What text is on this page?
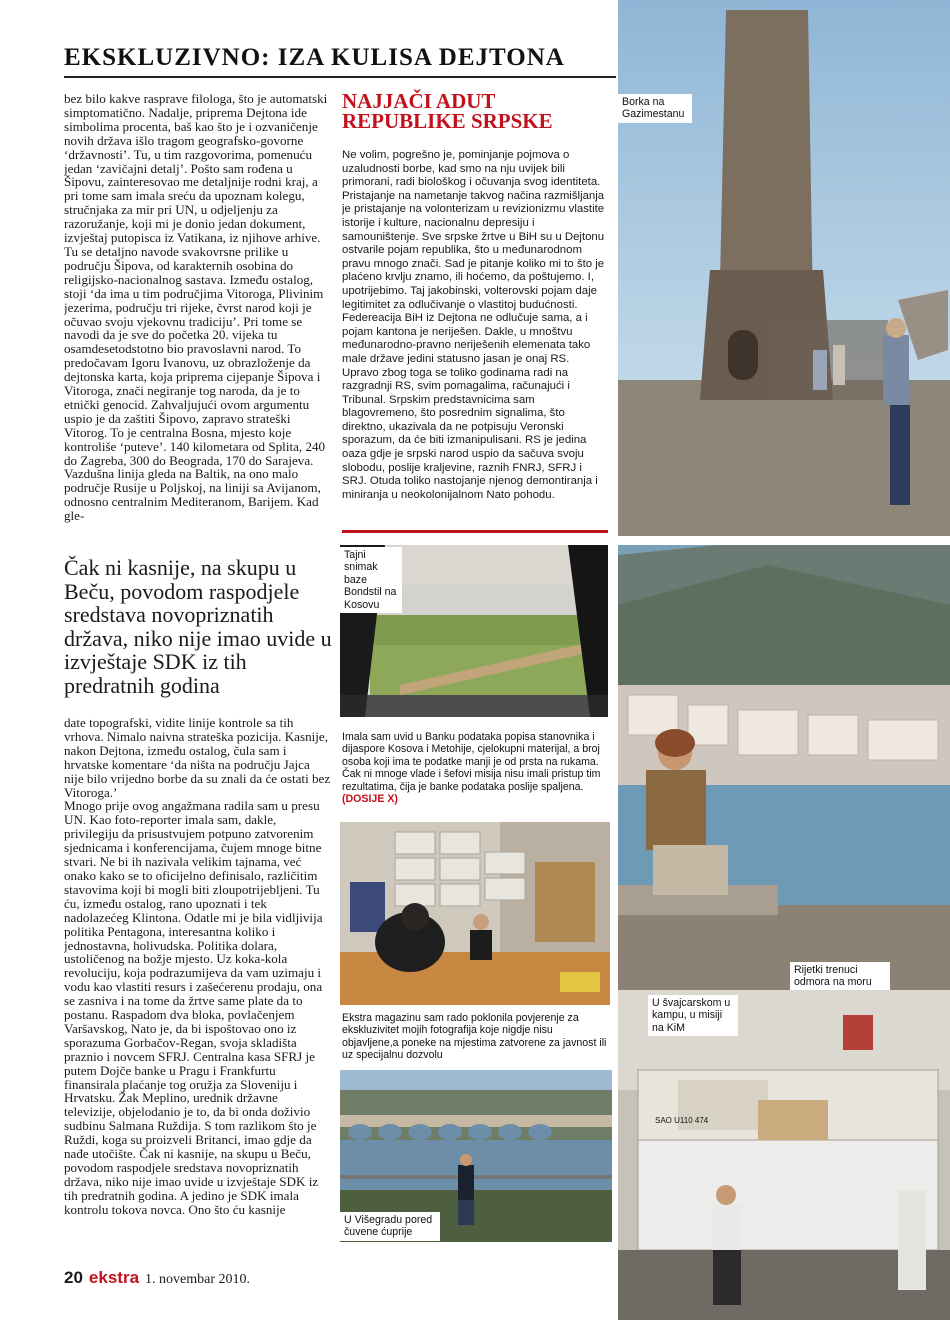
EKSKLUZIVNO: IZA KULISA DEJTONA

bez bilo kakve rasprave filologa, što je automatski simptomatično. Nadalje, priprema Dejtona ide simbolima procenta, baš kao što je i ozvaničenje novih država išlo tragom geografsko-govorne ‘državnosti’. Tu, u tim razgovorima, pomenuću jedan ‘zavičajni detalj’. Pošto sam rođena u Šipovu, zainteresovao me detaljnije rodni kraj, a pri tome sam imala sreću da upoznam kolegu, stručnjaka za mir pri UN, u odjeljenju za razoružanje, koji mi je donio jedan dokument, izvještaj putopisca iz Vatikana, iz njihove arhive. Tu se detaljno navode svakovrsne prilike u području Šipova, od karakternih osobina do religijsko-nacionalnog sastava. Između ostalog, stoji ‘da ima u tim područjima Vitoroga, Plivinim jezerima, području tri rijeke, čvrst narod koji je očuvao svoju vjekovnu tradiciju’. Pri tome se navodi da je sve do početka 20. vijeka tu osamdesetodstotno bio pravoslavni narod. To predočavam Igoru Ivanovu, uz obrazloženje da dejtonska karta, koja priprema cijepanje Šipova i Vitoroga, znači negiranje tog naroda, da je to etnički genocid. Zahvaljujući ovom argumentu uspio je da zaštiti Šipovo, zapravo strateški Vitorog. To je centralna Bosna, mjesto koje kontroliše ‘puteve’. 140 kilometara od Splita, 240 do Zagreba, 300 do Beograda, 170 do Sarajeva. Vazdušna linija gleda na Baltik, na ono malo područje Rusije u Poljskoj, na liniji sa Avijanom, odnosno centralnim Mediteranom, Barijem. Kad gle-

Čak ni kasnije, na skupu u Beču, povodom raspodjele sredstava novopriznatih država, niko nije imao uvide u izvještaje SDK iz tih predratnih godina

date topografski, vidite linije kontrole sa tih vrhova. Nimalo naivna strateška pozicija. Kasnije, nakon Dejtona, između ostalog, čula sam i hrvatske komentare ‘da ništa na području Jajca nije bilo vrijedno borbe da su znali da će ostati bez Vitoroga.’

Mnogo prije ovog angažmana radila sam u presu UN. Kao foto-reporter imala sam, dakle, privilegiju da prisustvujem potpuno zatvorenim sjednicama i konferencijama, čujem mnoge bitne stvari. Ne bi ih nazivala velikim tajnama, već onako kako se to oficijelno definisalo, različitim stavovima koji bi mogli biti zloupotrijebljeni. Tu ću, između ostalog, rano upoznati i tek nadolazećeg Klintona. Odatle mi je bila vidljivija politika Pentagona, interesantna koliko i jednostavna, holivudska. Politika dolara, ustoličenog na božje mjesto. Uz koka-kola revoluciju, koja podrazumijeva da vam uzimaju i vodu kao vlastiti resurs i zašećerenu prodaju, ona se zasniva i na tome da žrtve same plate da to postanu. Raspadom dva bloka, povlačenjem Varšavskog, Nato je, da bi ispoštovao ono iz sporazuma Gorbačov-Regan, svoja skladišta praznio i novcem SFRJ. Centralna kasa SFRJ je putem Dojče banke u Pragu i Frankfurtu finansirala plaćanje tog oružja za Sloveniju i Hrvatsku. Žak Meplino, urednik državne televizije, objelodanio je to, da bi onda doživio sudbinu Salmana Ruždija. S tom razlikom što je Ruždi, koga su proizveli Britanci, imao gdje da nađe utočište. Čak ni kasnije, na skupu u Beču, povodom raspodjele sredstava novopriznatih država, niko nije imao uvide u izvještaje SDK iz tih predratnih godina. A jedino je SDK imala kontrolu tokova novca. Ono što ću kasnije

NAJJAČI ADUT REPUBLIKE SRPSKE
Ne volim, pogrešno je, pominjanje pojmova o uzaludnosti borbe, kad smo na nju uvijek bili primorani, radi biološkog i očuvanja svog identiteta. Pristajanje na nametanje takvog načina razmišljanja je pristajanje na volonterizam u revizionizmu vlastite istorije i kulture, nacionalnu depresiju i samouništenje. Sve srpske žrtve u BiH su u Dejtonu ostvarile pojam republika, što u međunarodnom pravu mnogo znači. Sad je pitanje koliko mi to što je plaćeno krvlju znamo, ili hoćemo, da poštujemo. I, upotrijebimo. Taj jakobinski, volterovski pojam daje legitimitet za odlučivanje o vlastitoj budućnosti. Federeacija BiH iz Dejtona ne odlučuje sama, a i pojam kantona je neriješen. Dakle, u mnoštvu međunarodno-pravno neriješenih elemenata tako male države jedini statusno jasan je onaj RS. Upravo zbog toga se toliko godinama radi na razgradnji RS, svim pomagalima, računajući i Tribunal. Srpskim predstavnicima sam blagovremeno, što posrednim signalima, što direktno, ukazivala da ne potpisuju Veronski sporazum, da će biti izmanipulisani. RS je jedina oaza gdje je srpski narod uspio da sačuva svoju slobodu, poslije kraljevine, raznih FNRJ, SFRJ i SRJ. Otuda toliko nastojanje njenog demontiranja i miniranja u neokolonijalnom Nato pohodu.
Borka na Gazimestanu
Tajni snimak baze Bondstil na Kosovu
Imala sam uvid u Banku podataka popisa stanovnika i dijaspore Kosova i Metohije, cjelokupni materijal, a broj osoba koji ima te podatke manji je od prsta na rukama. Čak ni mnoge vlade i šefovi misija nisu imali pristup tim rezultatima, čija je banke podataka poslije spaljena. (DOSIJE X)
Ekstra magazinu sam rado poklonila povjerenje za ekskluzivitet mojih fotografija koje nigdje nisu objavljene,a poneke na mjestima zatvorene za javnost ili uz specijalnu dozvolu
U Višegradu pored čuvene ćuprije
Rijetki trenuci odmora na moru
U švajcarskom u kampu, u misiji na KiM
SAO U110 474
20 ekstra 1. novembar 2010.
